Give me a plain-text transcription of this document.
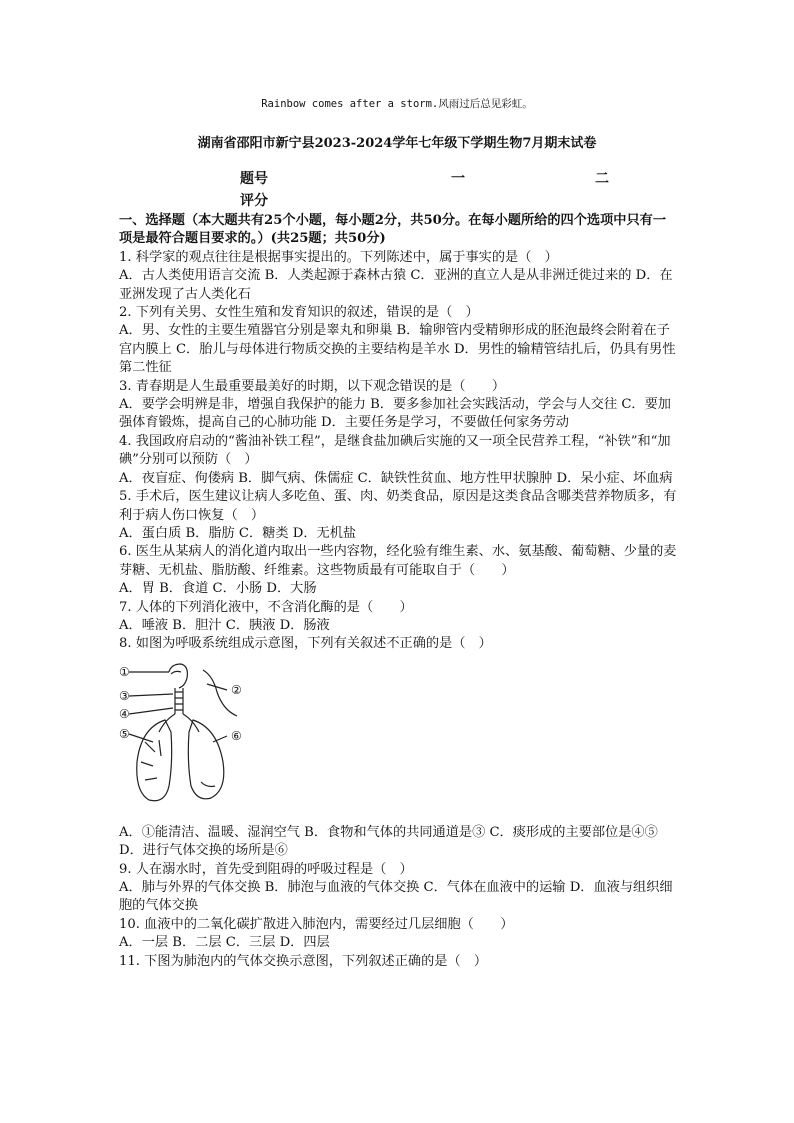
Rainbow comes after a storm.风雨过后总见彩虹。
湖南省邵阳市新宁县2023-2024学年七年级下学期生物7月期末试卷
题号	一	二
评分

一、选择题（本大题共有25个小题，每小题2分，共50分。在每小题所给的四个选项中只有一项是最符合题目要求的。）(共25题；共50分)

1. 科学家的观点往往是根据事实提出的。下列陈述中，属于事实的是（　）

A．古人类使用语言交流 B．人类起源于森林古猿 C．亚洲的直立人是从非洲迁徙过来的 D．在亚洲发现了古人类化石

2. 下列有关男、女性生殖和发育知识的叙述，错误的是（　）

A．男、女性的主要生殖器官分别是睾丸和卵巢 B．输卵管内受精卵形成的胚泡最终会附着在子宫内膜上 C．胎儿与母体进行物质交换的主要结构是羊水 D．男性的输精管结扎后，仍具有男性第二性征

3. 青春期是人生最重要最美好的时期，以下观念错误的是（　　）

A．要学会明辨是非，增强自我保护的能力 B．要多参加社会实践活动，学会与人交往 C．要加强体育锻炼，提高自己的心肺功能 D．主要任务是学习，不要做任何家务劳动

4. 我国政府启动的“酱油补铁工程”，是继食盐加碘后实施的又一项全民营养工程，“补铁”和“加碘”分别可以预防（　）

A．夜盲症、佝偻病 B．脚气病、侏儒症 C．缺铁性贫血、地方性甲状腺肿 D．呆小症、坏血病

5. 手术后，医生建议让病人多吃鱼、蛋、肉、奶类食品，原因是这类食品含哪类营养物质多，有利于病人伤口恢复（　）

A．蛋白质 B．脂肪 C．糖类 D．无机盐

6. 医生从某病人的消化道内取出一些内容物，经化验有维生素、水、氨基酸、葡萄糖、少量的麦芽糖、无机盐、脂肪酸、纤维素。这些物质最有可能取自于（　　）

A．胃 B．食道 C．小肠 D．大肠

7. 人体的下列消化液中，不含消化酶的是（　　）

A．唾液 B．胆汁 C．胰液 D．肠液

8. 如图为呼吸系统组成示意图，下列有关叙述不正确的是（　）

①
②
③
④
⑤	⑥

A．①能清洁、温暖、湿润空气 B．食物和气体的共同通道是③ C．痰形成的主要部位是④⑤ D．进行气体交换的场所是⑥

9. 人在溺水时，首先受到阻碍的呼吸过程是（　）

A．肺与外界的气体交换 B．肺泡与血液的气体交换 C．气体在血液中的运输 D．血液与组织细胞的气体交换

10. 血液中的二氧化碳扩散进入肺泡内，需要经过几层细胞（　　）

A．一层 B．二层 C．三层 D．四层

11. 下图为肺泡内的气体交换示意图，下列叙述正确的是（　）
